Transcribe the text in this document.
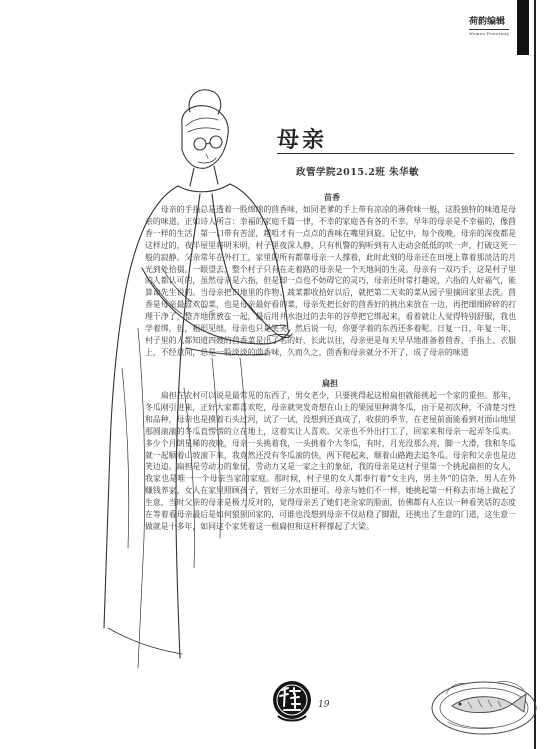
荷韵编辑
Women Fraternity
母亲
政管学院2015.2班 朱华敏
苗香

母亲的手指总是透着一股绵绵的茴香味，如同老爹的手上带有凉凉的薄荷味一般，这股独特的味道是母亲的味道。正如诗人所言：幸福的家庭千篇一律，不幸的家庭各有各的不幸。早年的母亲是不幸福的，像茴香一样的生活，第一口带有苦涩，越咀才有一点点的香味在嘴里回旋。记忆中，每个夜晚，母亲的深夜都是这样过的，夜半屋里将明未明，村子里夜深人静，只有机警的狗听到有人走动会低低的吠一声，打破这死一般的寂静。父亲常年在外打工，家里的所有都靠母亲一人撑着，此时此刻的母亲还在田埂上靠着那淡洁的月光到处拾掇。一眼望去，整个村子只有在走着路的母亲是一个天地间的生灵。母亲有一双巧手，这是村子里的人都认可的，虽然母亲是六指，但是却一点也不妨碍它的灵巧，母亲还时常打趣说，六指的人好福气，能算命先生说的。当母亲把田地里的作物、蔬菜都收拾好以后，就把第二天卖的菜从园子里摘回家里去洗。茴香是母亲最喜欢的菜，也是母亲最好看的菜，母亲先把长好的茴香好的挑出来放在一边，再把细细碎碎的打理干净了，整齐地摆放在一起，最后用井水泡过的去年的谷草把它绑起来，看着就让人觉得特别舒服，我也学着绑，但，粗形见绌，母亲也只是笑笑，然后说一句，你要学着的东西还多着呢。日复一日，年复一年，村子里的人都知道四嫂的茴香菜是出了名的好，长此以往，母亲更是每天早早地准备着茴香，手指上、衣服上，不经意间，总是一股淡淡的茴香味，久而久之，茴香和母亲就分不开了，成了母亲的味道

扁担

扁担在农村可以说是最常见的东西了，男女老少，只要挑得起这根扁担就能挑起一个家的重担。那年，冬瓜刚引进来，正好大家都喜欢吃，母亲就突发奇想在山上的果园里种满冬瓜，由于是初次种，不清楚习性和品种，母亲也是摸着石头过河，试了一试，没想到还真成了，收获的季节，在老屋前面能看到对面山地里那圆滚滚的冬瓜直愣愣的立在地上，这着实让人喜欢。父亲也不外出打工了，回家来和母亲一起弄冬瓜卖。多少个月朗星稀的夜晚，母亲一头挑着我，一头挑着个大冬瓜，有时，月光没那么亮，脚一大滑，我和冬瓜就一起顺着山坡滚下来，我竟然还没有冬瓜滚的快，两下爬起来，顺着山路跑去追冬瓜。母亲和父亲也是边笑边追。扁担是劳动力的象征，劳动力又是一家之主的象征，我的母亲是这村子里第一个挑起扁担的女人，我家也是唯一一个母亲当家的家庭。那时候，村子里的女人都奉行着“女主内，男主外”的信条，男人在外赚钱养家，女人在家里照顾孩子，管好三分水田便可。母亲与她们不一样，她挑起第一杆称去市场上做起了生意，当时父亲的母亲是极力反对的，觉得母亲丢了她们老余家的脸面，仿佛都有人在以一种看笑话的态度在等着看母亲最后是如何狼狈回家的，可谁也没想到母亲不仅站稳了脚跟，还挑出了生意的门道，这生意一做就是十多年，如同这个家凭着这一根扁担和这杆秤撑起了大梁。

19
